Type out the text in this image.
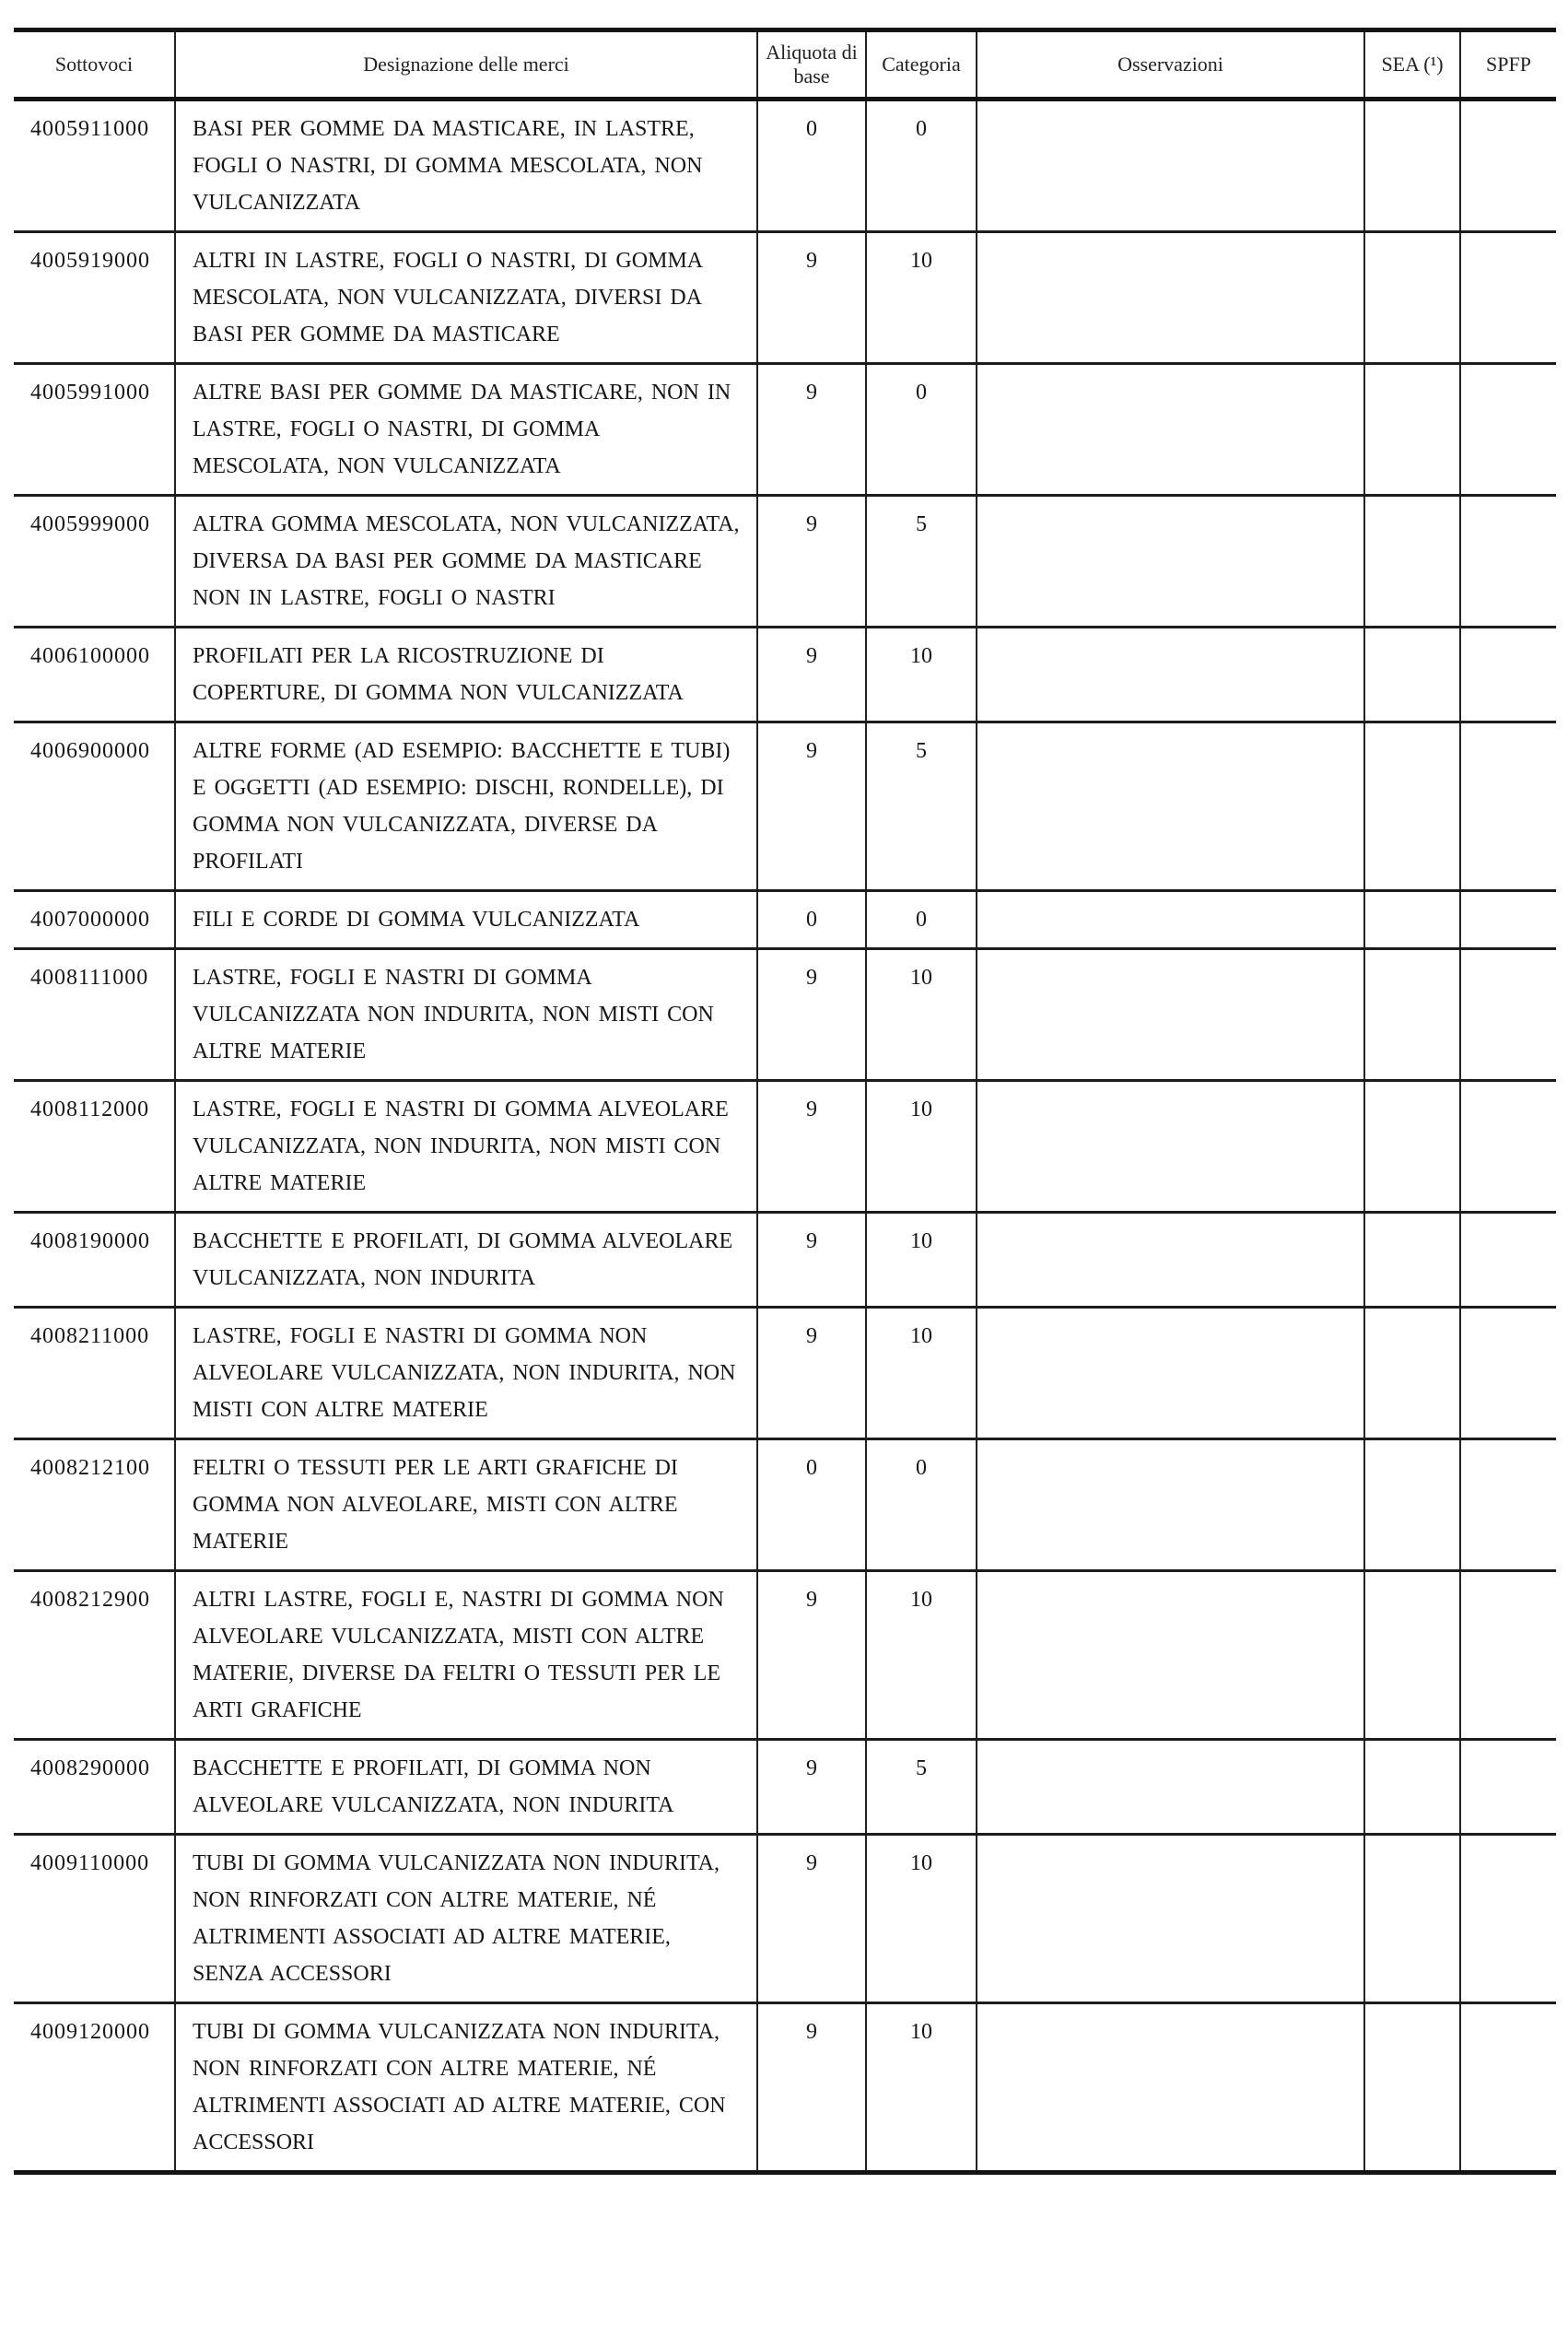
Sottovoci	Designazione delle merci	Aliquota di base	Categoria	Osservazioni	SEA (¹)	SPFP
4005911000	BASI PER GOMME DA MASTICARE, IN LASTRE, FOGLI O NASTRI, DI GOMMA MESCOLATA, NON VULCANIZZATA	0	0			
4005919000	ALTRI IN LASTRE, FOGLI O NASTRI, DI GOMMA MESCOLATA, NON VULCANIZZATA, DIVERSI DA BASI PER GOMME DA MASTICARE	9	10			
4005991000	ALTRE BASI PER GOMME DA MASTICARE, NON IN LASTRE, FOGLI O NASTRI, DI GOMMA MESCOLATA, NON VULCANIZZATA	9	0			
4005999000	ALTRA GOMMA MESCOLATA, NON VULCANIZZATA, DIVERSA DA BASI PER GOMME DA MASTICARE NON IN LASTRE, FOGLI O NASTRI	9	5			
4006100000	PROFILATI PER LA RICOSTRUZIONE DI COPERTURE, DI GOMMA NON VULCANIZZATA	9	10			
4006900000	ALTRE FORME (AD ESEMPIO: BACCHETTE E TUBI) E OGGETTI (AD ESEMPIO: DISCHI, RONDELLE), DI GOMMA NON VULCANIZZATA, DIVERSE DA PROFILATI	9	5			
4007000000	FILI E CORDE DI GOMMA VULCANIZZATA	0	0			
4008111000	LASTRE, FOGLI E NASTRI DI GOMMA VULCANIZZATA NON INDURITA, NON MISTI CON ALTRE MATERIE	9	10			
4008112000	LASTRE, FOGLI E NASTRI DI GOMMA ALVEOLARE VULCANIZZATA, NON INDURITA, NON MISTI CON ALTRE MATERIE	9	10			
4008190000	BACCHETTE E PROFILATI, DI GOMMA ALVEOLARE VULCANIZZATA, NON INDURITA	9	10			
4008211000	LASTRE, FOGLI E NASTRI DI GOMMA NON ALVEOLARE VULCANIZZATA, NON INDURITA, NON MISTI CON ALTRE MATERIE	9	10			
4008212100	FELTRI O TESSUTI PER LE ARTI GRAFICHE DI GOMMA NON ALVEOLARE, MISTI CON ALTRE MATERIE	0	0			
4008212900	ALTRI LASTRE, FOGLI E, NASTRI DI GOMMA NON ALVEOLARE VULCANIZZATA, MISTI CON ALTRE MATERIE, DIVERSE DA FELTRI O TESSUTI PER LE ARTI GRAFICHE	9	10			
4008290000	BACCHETTE E PROFILATI, DI GOMMA NON ALVEOLARE VULCANIZZATA, NON INDURITA	9	5			
4009110000	TUBI DI GOMMA VULCANIZZATA NON INDURITA, NON RINFORZATI CON ALTRE MATERIE, NÉ ALTRIMENTI ASSOCIATI AD ALTRE MATERIE, SENZA ACCESSORI	9	10			
4009120000	TUBI DI GOMMA VULCANIZZATA NON INDURITA, NON RINFORZATI CON ALTRE MATERIE, NÉ ALTRIMENTI ASSOCIATI AD ALTRE MATERIE, CON ACCESSORI	9	10			
